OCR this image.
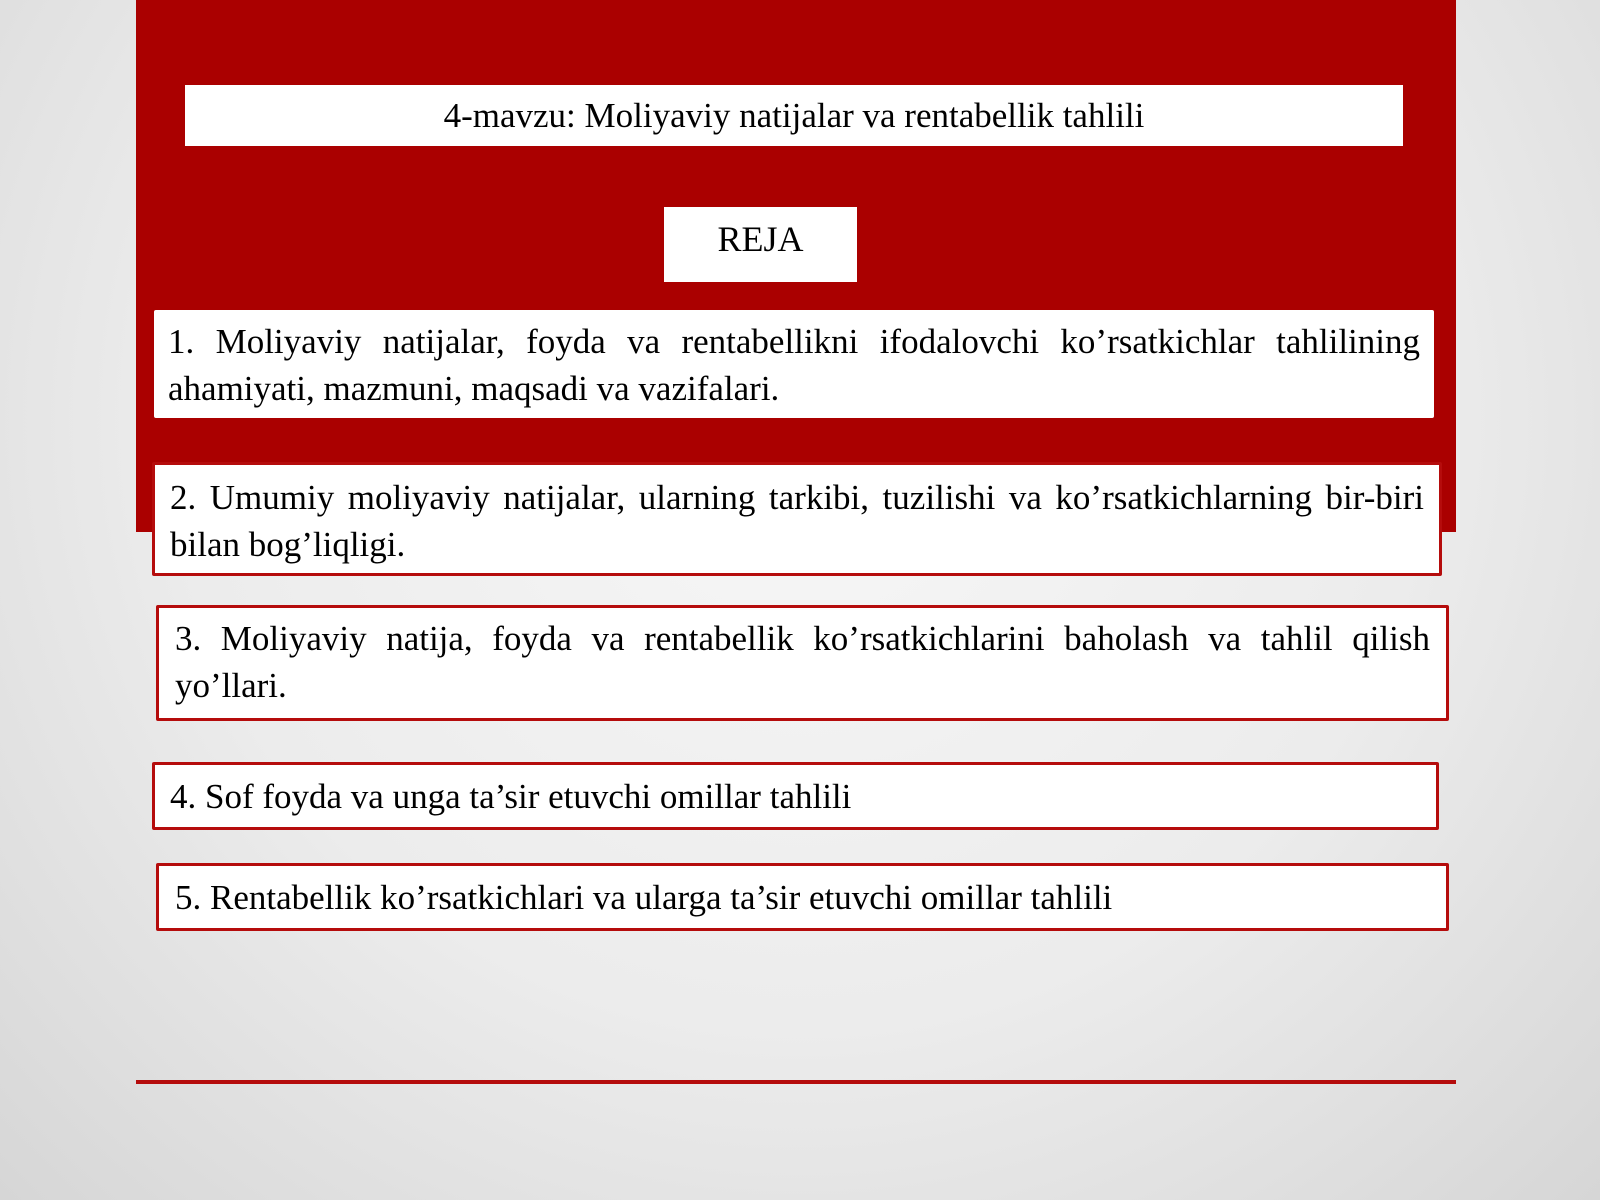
4-mavzu: Moliyaviy natijalar va rentabellik tahlili
REJA
1. Moliyaviy natijalar, foyda va rentabellikni ifodalovchi ko’rsatkichlar tahlilining ahamiyati, mazmuni, maqsadi va vazifalari.
2. Umumiy moliyaviy natijalar, ularning tarkibi, tuzilishi va ko’rsatkichlarning bir-biri bilan bog’liqligi.
3. Moliyaviy natija, foyda va rentabellik ko’rsatkichlarini baholash va tahlil qilish yo’llari.
4. Sof foyda va unga ta’sir etuvchi omillar tahlili
5. Rentabellik ko’rsatkichlari va ularga ta’sir etuvchi omillar tahlili
